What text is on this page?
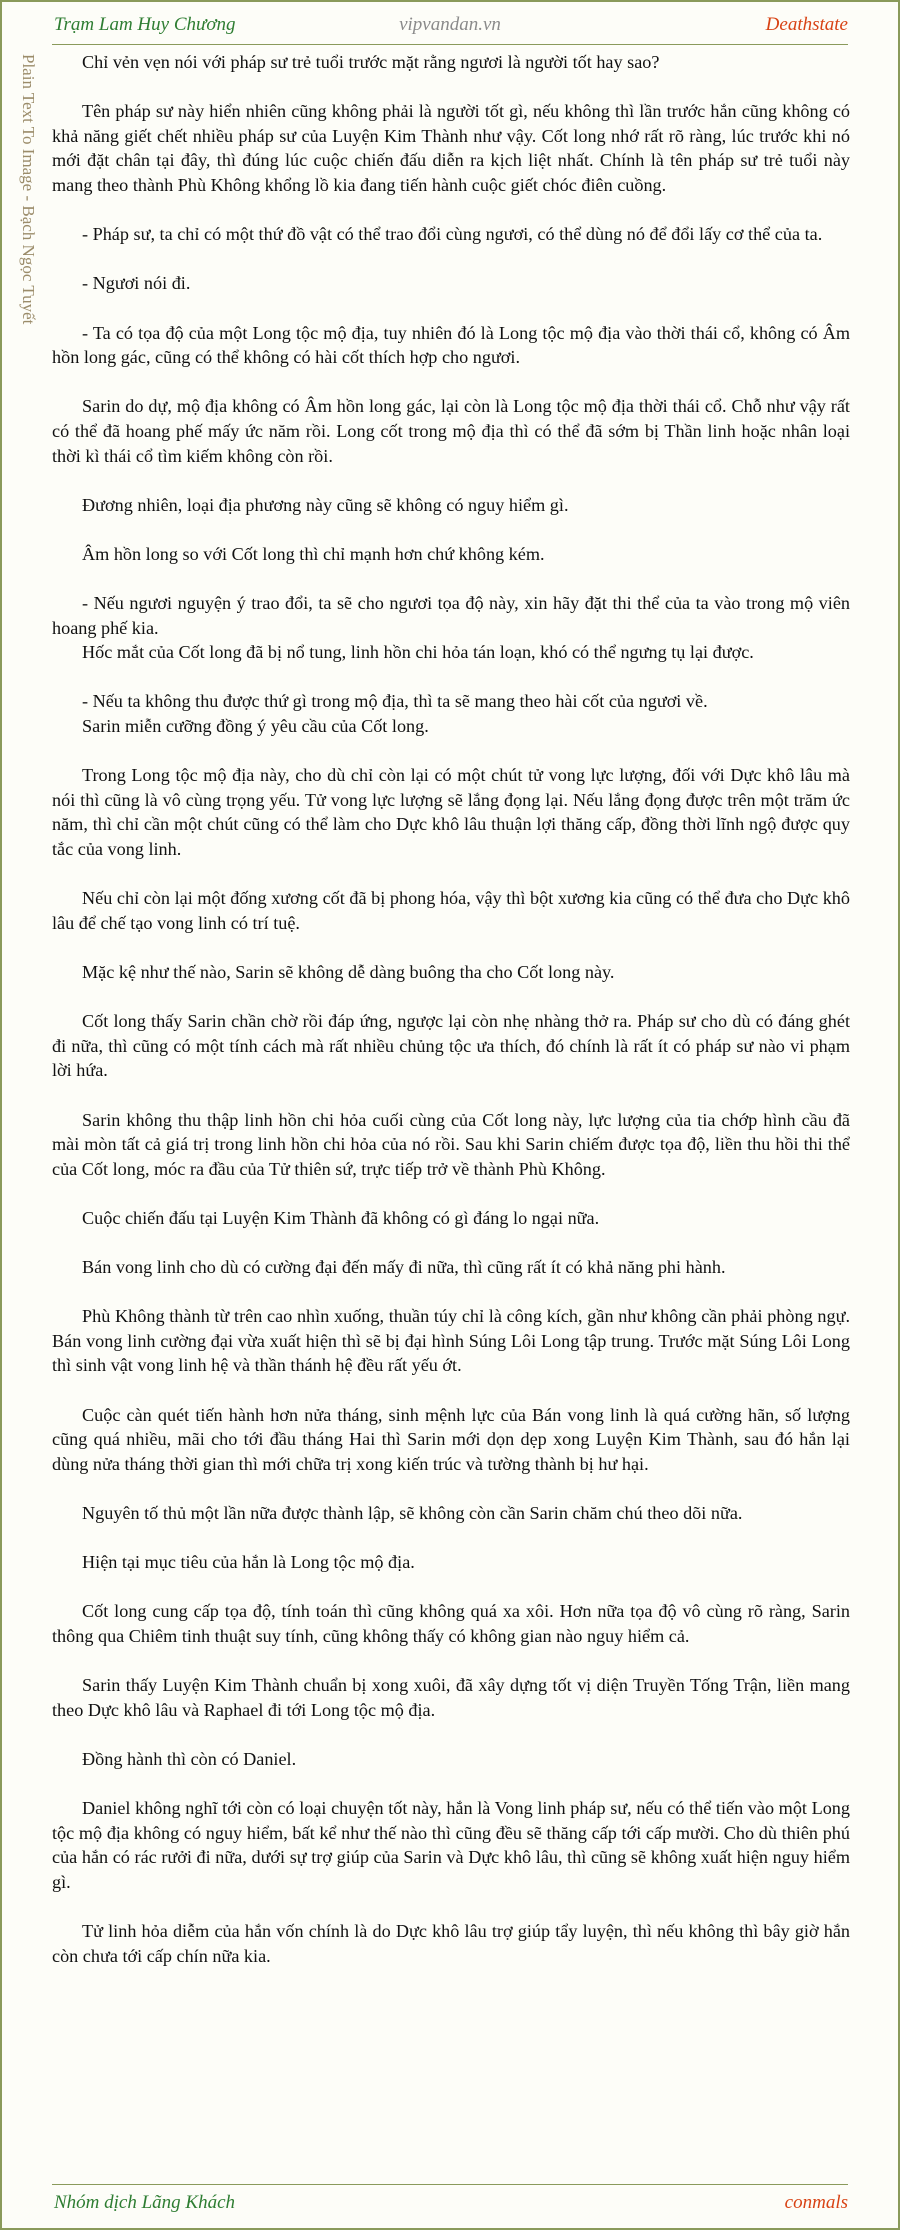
Trạm Lam Huy Chương	vipvandan.vn	Deathstate
Plain Text To Image - Bạch Ngọc Tuyết	Chỉ vẻn vẹn nói với pháp sư trẻ tuổi trước mặt rằng ngươi là người tốt hay sao?

Tên pháp sư này hiển nhiên cũng không phải là người tốt gì, nếu không thì lần trước hắn cũng không có khả năng giết chết nhiều pháp sư của Luyện Kim Thành như vậy. Cốt long nhớ rất rõ ràng, lúc trước khi nó mới đặt chân tại đây, thì đúng lúc cuộc chiến đấu diễn ra kịch liệt nhất. Chính là tên pháp sư trẻ tuổi này mang theo thành Phù Không khổng lồ kia đang tiến hành cuộc giết chóc điên cuồng.

- Pháp sư, ta chỉ có một thứ đồ vật có thể trao đổi cùng ngươi, có thể dùng nó để đổi lấy cơ thể của ta.

- Ngươi nói đi.

- Ta có tọa độ của một Long tộc mộ địa, tuy nhiên đó là Long tộc mộ địa vào thời thái cổ, không có Âm hồn long gác, cũng có thể không có hài cốt thích hợp cho ngươi.

Sarin do dự, mộ địa không có Âm hồn long gác, lại còn là Long tộc mộ địa thời thái cổ. Chỗ như vậy rất có thể đã hoang phế mấy ức năm rồi. Long cốt trong mộ địa thì có thể đã sớm bị Thần linh hoặc nhân loại thời kì thái cổ tìm kiếm không còn rồi.

Đương nhiên, loại địa phương này cũng sẽ không có nguy hiểm gì.

Âm hồn long so với Cốt long thì chỉ mạnh hơn chứ không kém.

- Nếu ngươi nguyện ý trao đổi, ta sẽ cho ngươi tọa độ này, xin hãy đặt thi thể của ta vào trong mộ viên hoang phế kia.
Hốc mắt của Cốt long đã bị nổ tung, linh hồn chi hỏa tán loạn, khó có thể ngưng tụ lại được.

- Nếu ta không thu được thứ gì trong mộ địa, thì ta sẽ mang theo hài cốt của ngươi về.
Sarin miễn cưỡng đồng ý yêu cầu của Cốt long.

Trong Long tộc mộ địa này, cho dù chỉ còn lại có một chút tử vong lực lượng, đối với Dực khô lâu mà nói thì cũng là vô cùng trọng yếu. Tử vong lực lượng sẽ lắng đọng lại. Nếu lắng đọng được trên một trăm ức năm, thì chỉ cần một chút cũng có thể làm cho Dực khô lâu thuận lợi thăng cấp, đồng thời lĩnh ngộ được quy tắc của vong linh.

Nếu chỉ còn lại một đống xương cốt đã bị phong hóa, vậy thì bột xương kia cũng có thể đưa cho Dực khô lâu để chế tạo vong linh có trí tuệ.

Mặc kệ như thế nào, Sarin sẽ không dễ dàng buông tha cho Cốt long này.

Cốt long thấy Sarin chần chờ rồi đáp ứng, ngược lại còn nhẹ nhàng thở ra. Pháp sư cho dù có đáng ghét đi nữa, thì cũng có một tính cách mà rất nhiều chủng tộc ưa thích, đó chính là rất ít có pháp sư nào vi phạm lời hứa.

Sarin không thu thập linh hồn chi hỏa cuối cùng của Cốt long này, lực lượng của tia chớp hình cầu đã mài mòn tất cả giá trị trong linh hồn chi hỏa của nó rồi. Sau khi Sarin chiếm được tọa độ, liền thu hồi thi thể của Cốt long, móc ra đầu của Tử thiên sứ, trực tiếp trở về thành Phù Không.

Cuộc chiến đấu tại Luyện Kim Thành đã không có gì đáng lo ngại nữa.

Bán vong linh cho dù có cường đại đến mấy đi nữa, thì cũng rất ít có khả năng phi hành.

Phù Không thành từ trên cao nhìn xuống, thuần túy chỉ là công kích, gần như không cần phải phòng ngự. Bán vong linh cường đại vừa xuất hiện thì sẽ bị đại hình Súng Lôi Long tập trung. Trước mặt Súng Lôi Long thì sinh vật vong linh hệ và thần thánh hệ đều rất yếu ớt.

Cuộc càn quét tiến hành hơn nửa tháng, sinh mệnh lực của Bán vong linh là quá cường hãn, số lượng cũng quá nhiều, mãi cho tới đầu tháng Hai thì Sarin mới dọn dẹp xong Luyện Kim Thành, sau đó hắn lại dùng nửa tháng thời gian thì mới chữa trị xong kiến trúc và tường thành bị hư hại.

Nguyên tố thủ một lần nữa được thành lập, sẽ không còn cần Sarin chăm chú theo dõi nữa.

Hiện tại mục tiêu của hắn là Long tộc mộ địa.

Cốt long cung cấp tọa độ, tính toán thì cũng không quá xa xôi. Hơn nữa tọa độ vô cùng rõ ràng, Sarin thông qua Chiêm tinh thuật suy tính, cũng không thấy có không gian nào nguy hiểm cả.

Sarin thấy Luyện Kim Thành chuẩn bị xong xuôi, đã xây dựng tốt vị diện Truyền Tống Trận, liền mang theo Dực khô lâu và Raphael đi tới Long tộc mộ địa.

Đồng hành thì còn có Daniel.

Daniel không nghĩ tới còn có loại chuyện tốt này, hắn là Vong linh pháp sư, nếu có thể tiến vào một Long tộc mộ địa không có nguy hiểm, bất kể như thế nào thì cũng đều sẽ thăng cấp tới cấp mười. Cho dù thiên phú của hắn có rác rưởi đi nữa, dưới sự trợ giúp của Sarin và Dực khô lâu, thì cũng sẽ không xuất hiện nguy hiểm gì.

Tử linh hỏa diễm của hắn vốn chính là do Dực khô lâu trợ giúp tẩy luyện, thì nếu không thì bây giờ hắn còn chưa tới cấp chín nữa kia.

Nhóm dịch Lãng Khách	conmals
